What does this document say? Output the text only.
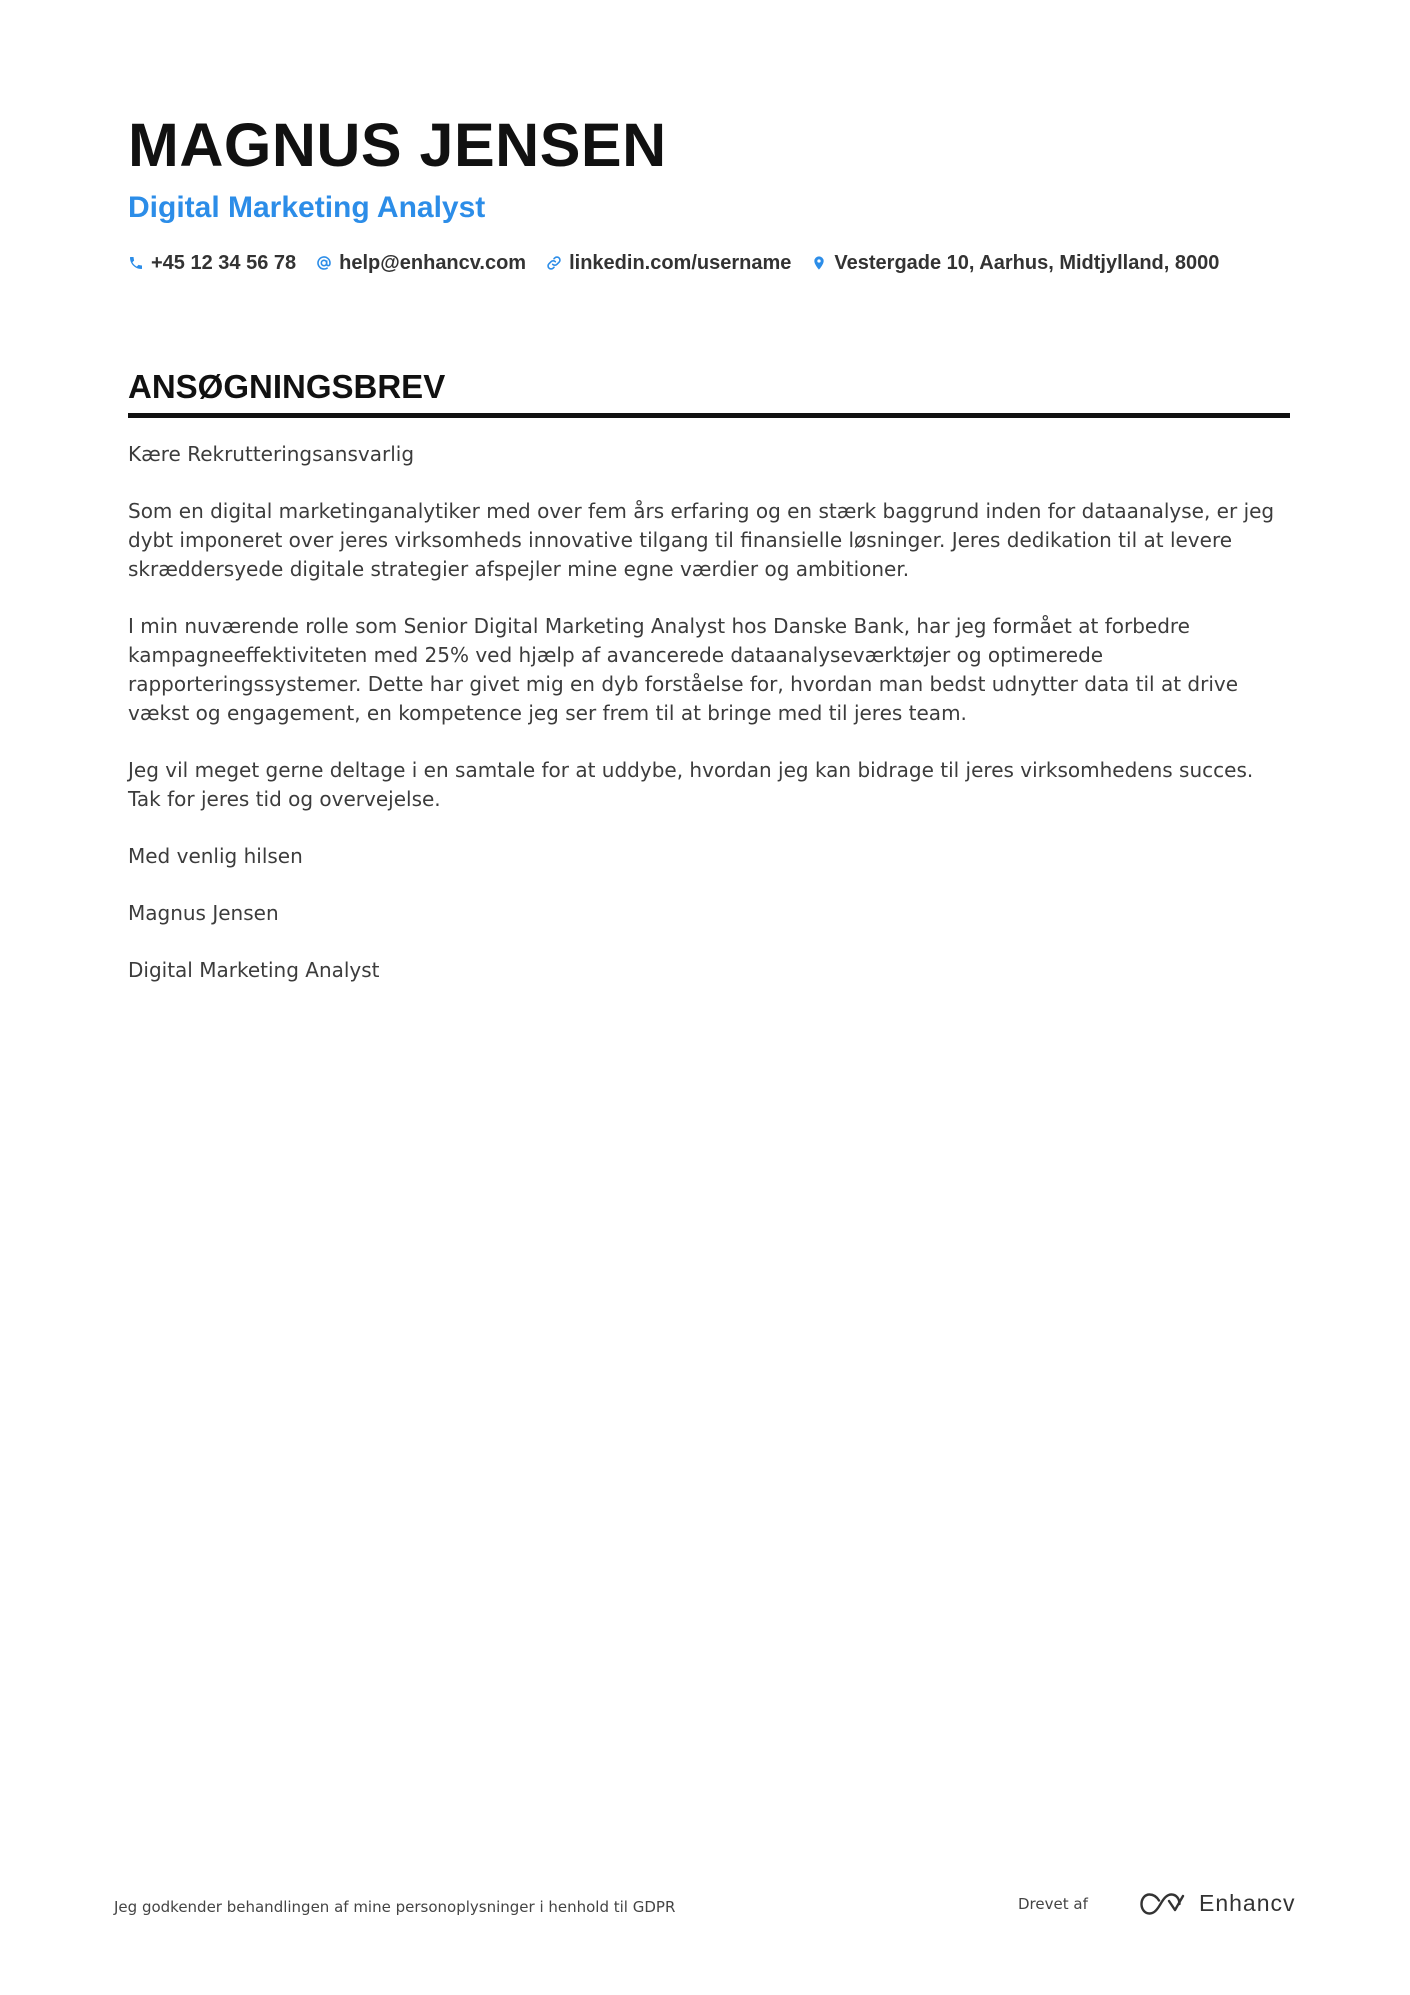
MAGNUS JENSEN
Digital Marketing Analyst
+45 12 34 56 78 help@enhancv.com linkedin.com/username Vestergade 10, Aarhus, Midtjylland, 8000
ANSØGNINGSBREV

Kære Rekrutteringsansvarlig

Som en digital marketinganalytiker med over fem års erfaring og en stærk baggrund inden for dataanalyse, er jeg dybt imponeret over jeres virksomheds innovative tilgang til finansielle løsninger. Jeres dedikation til at levere skræddersyede digitale strategier afspejler mine egne værdier og ambitioner.

I min nuværende rolle som Senior Digital Marketing Analyst hos Danske Bank, har jeg formået at forbedre kampagneeffektiviteten med 25% ved hjælp af avancerede dataanalyseværktøjer og optimerede rapporteringssystemer. Dette har givet mig en dyb forståelse for, hvordan man bedst udnytter data til at drive vækst og engagement, en kompetence jeg ser frem til at bringe med til jeres team.

Jeg vil meget gerne deltage i en samtale for at uddybe, hvordan jeg kan bidrage til jeres virksomhedens succes. Tak for jeres tid og overvejelse.

Med venlig hilsen

Magnus Jensen

Digital Marketing Analyst

Jeg godkender behandlingen af mine personoplysninger i henhold til GDPR	Drevet af	Enhancv
